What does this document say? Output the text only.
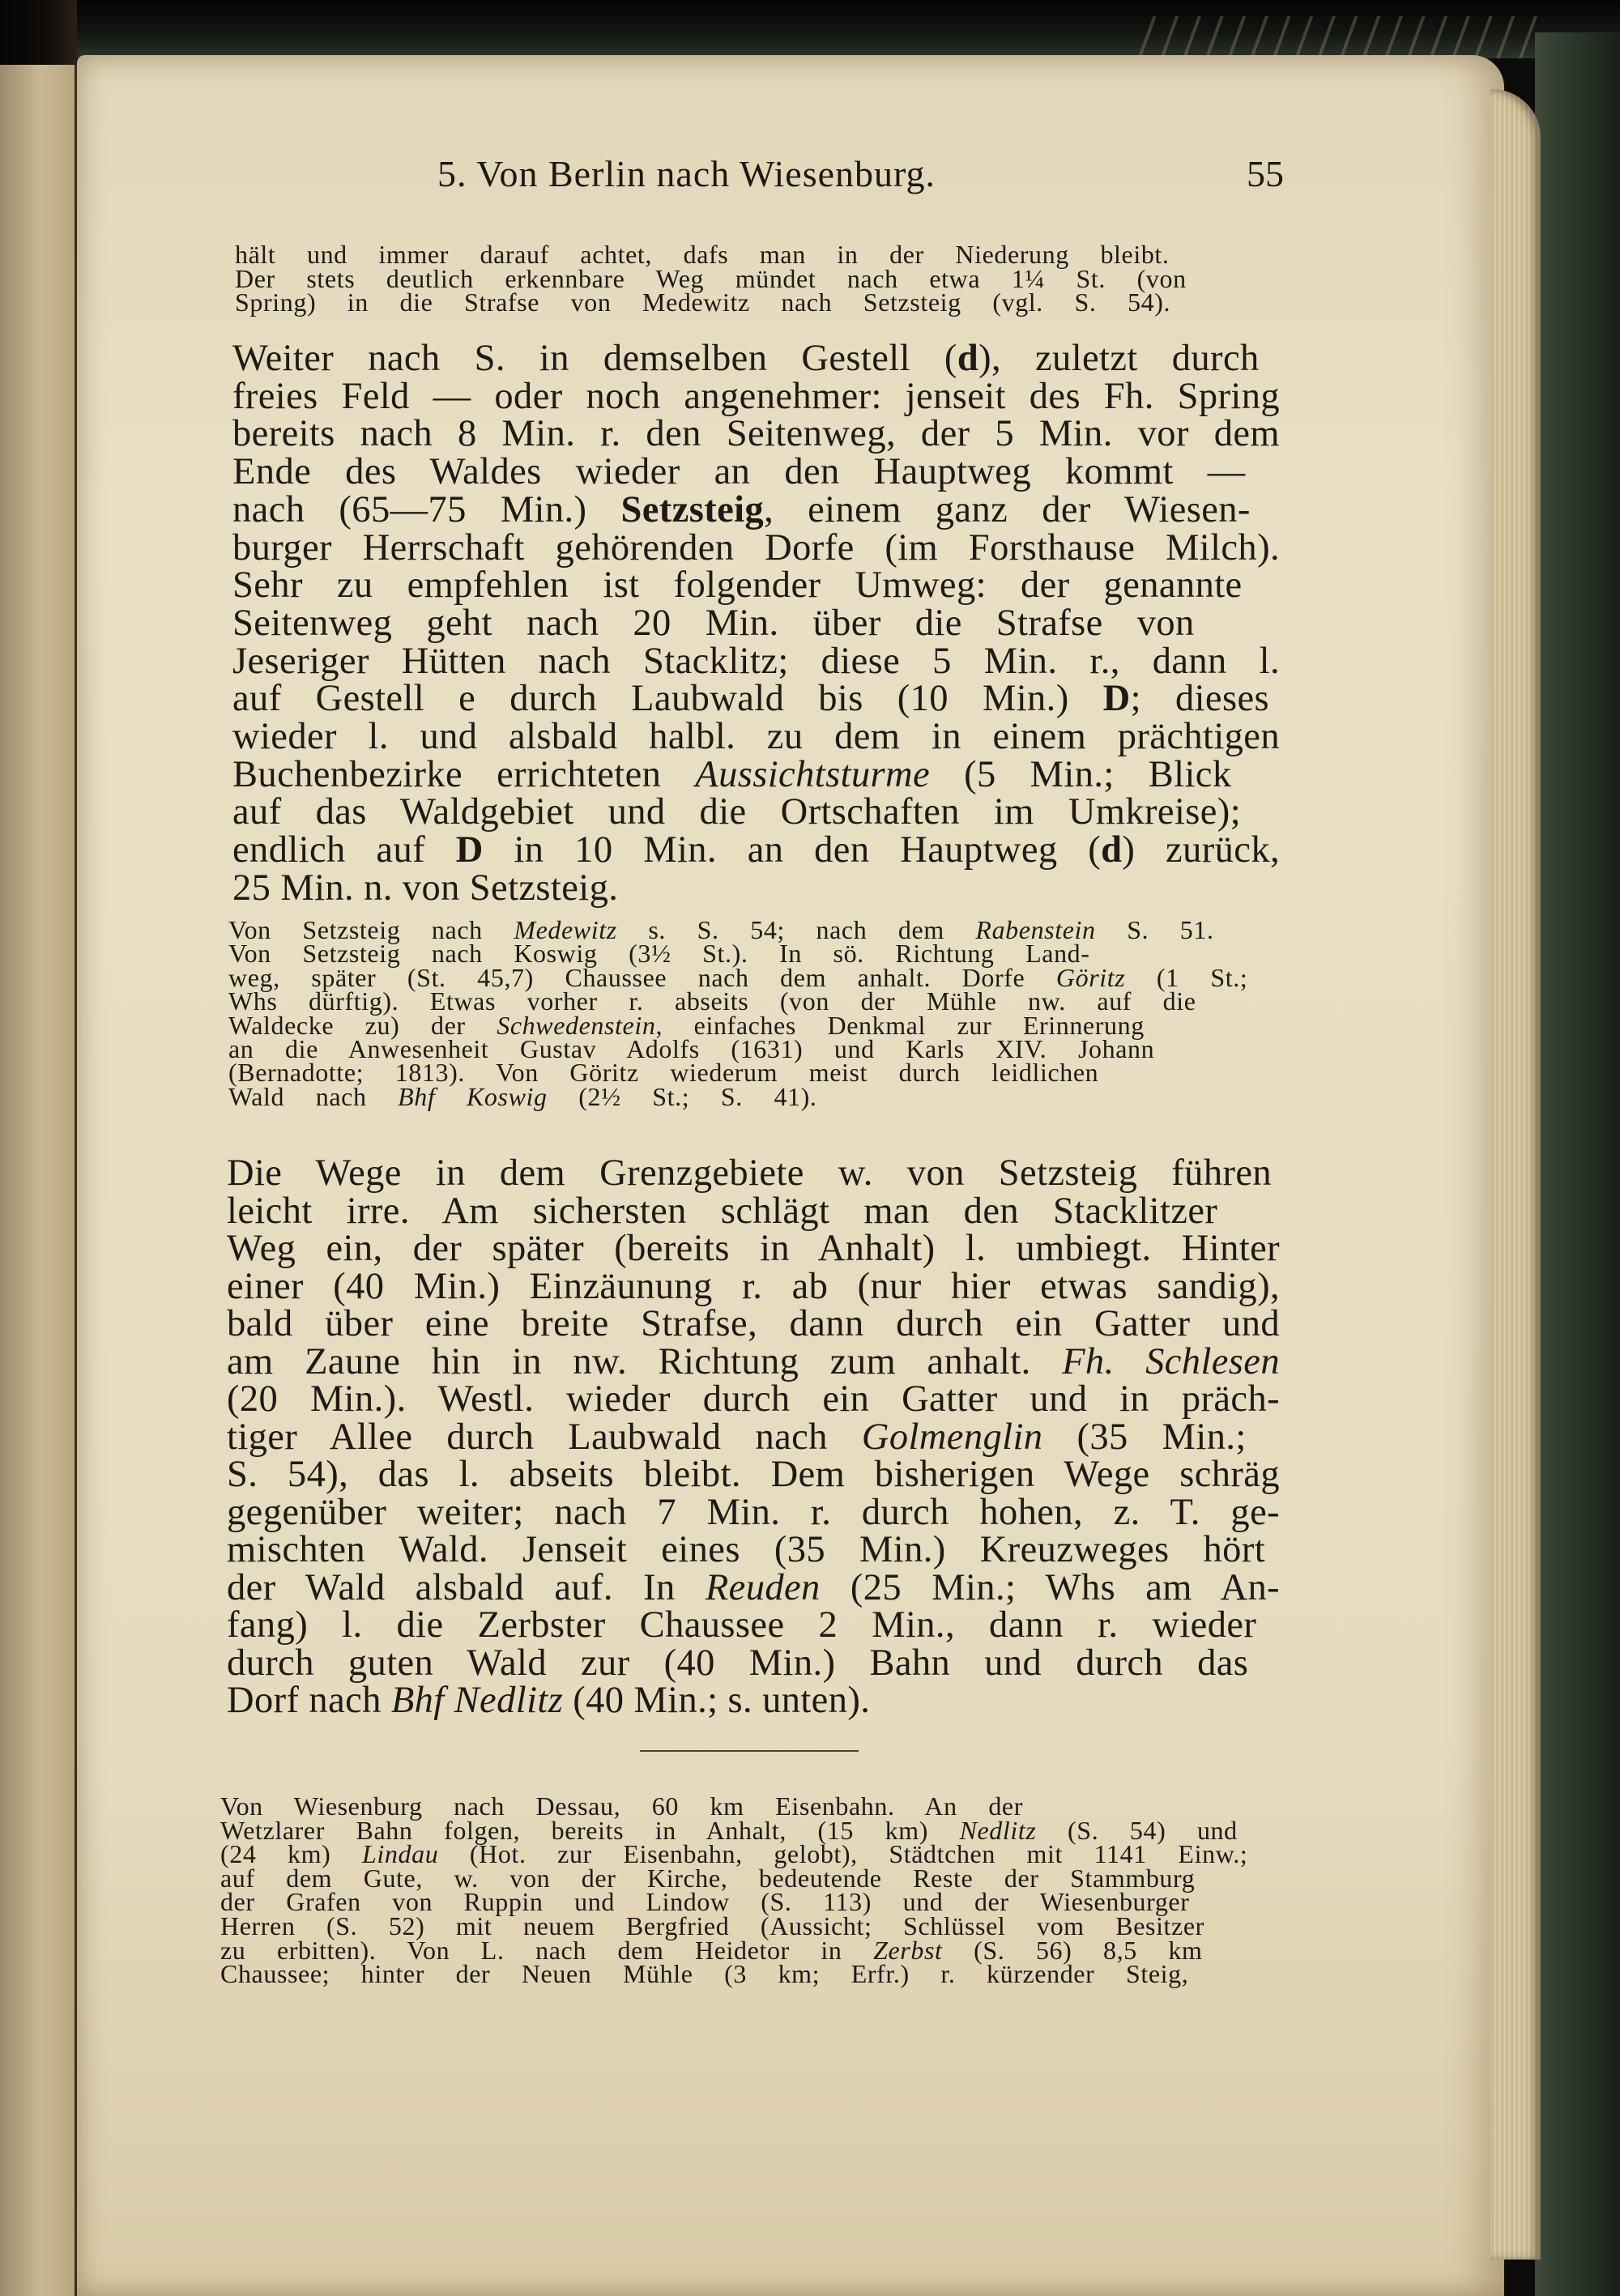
5. Von Berlin nach Wiesenburg.	55
hält und immer darauf achtet, dafs man in der Niederung bleibt.
Der stets deutlich erkennbare Weg mündet nach etwa 1¼ St. (von
Spring) in die Strafse von Medewitz nach Setzsteig (vgl. S. 54).
Weiter nach S. in demselben Gestell (d), zuletzt durch
freies Feld — oder noch angenehmer: jenseit des Fh. Spring
bereits nach 8 Min. r. den Seitenweg, der 5 Min. vor dem
Ende des Waldes wieder an den Hauptweg kommt —
nach (65—75 Min.) Setzsteig, einem ganz der Wiesen-
burger Herrschaft gehörenden Dorfe (im Forsthause Milch).
Sehr zu empfehlen ist folgender Umweg: der genannte
Seitenweg geht nach 20 Min. über die Strafse von
Jeseriger Hütten nach Stacklitz; diese 5 Min. r., dann l.
auf Gestell e durch Laubwald bis (10 Min.) D; dieses
wieder l. und alsbald halbl. zu dem in einem prächtigen
Buchenbezirke errichteten Aussichtsturme (5 Min.; Blick
auf das Waldgebiet und die Ortschaften im Umkreise);
endlich auf D in 10 Min. an den Hauptweg (d) zurück,
25 Min. n. von Setzsteig.
Von Setzsteig nach Medewitz s. S. 54; nach dem Rabenstein S. 51.
Von Setzsteig nach Koswig (3½ St.). In sö. Richtung Land-
weg, später (St. 45,7) Chaussee nach dem anhalt. Dorfe Göritz (1 St.;
Whs dürftig). Etwas vorher r. abseits (von der Mühle nw. auf die
Waldecke zu) der Schwedenstein, einfaches Denkmal zur Erinnerung
an die Anwesenheit Gustav Adolfs (1631) und Karls XIV. Johann
(Bernadotte; 1813). Von Göritz wiederum meist durch leidlichen
Wald nach Bhf Koswig (2½ St.; S. 41).
Die Wege in dem Grenzgebiete w. von Setzsteig führen
leicht irre. Am sichersten schlägt man den Stacklitzer
Weg ein, der später (bereits in Anhalt) l. umbiegt. Hinter
einer (40 Min.) Einzäunung r. ab (nur hier etwas sandig),
bald über eine breite Strafse, dann durch ein Gatter und
am Zaune hin in nw. Richtung zum anhalt. Fh. Schlesen
(20 Min.). Westl. wieder durch ein Gatter und in präch-
tiger Allee durch Laubwald nach Golmenglin (35 Min.;
S. 54), das l. abseits bleibt. Dem bisherigen Wege schräg
gegenüber weiter; nach 7 Min. r. durch hohen, z. T. ge-
mischten Wald. Jenseit eines (35 Min.) Kreuzweges hört
der Wald alsbald auf. In Reuden (25 Min.; Whs am An-
fang) l. die Zerbster Chaussee 2 Min., dann r. wieder
durch guten Wald zur (40 Min.) Bahn und durch das
Dorf nach Bhf Nedlitz (40 Min.; s. unten).
Von Wiesenburg nach Dessau, 60 km Eisenbahn. An der
Wetzlarer Bahn folgen, bereits in Anhalt, (15 km) Nedlitz (S. 54) und
(24 km) Lindau (Hot. zur Eisenbahn, gelobt), Städtchen mit 1141 Einw.;
auf dem Gute, w. von der Kirche, bedeutende Reste der Stammburg
der Grafen von Ruppin und Lindow (S. 113) und der Wiesenburger
Herren (S. 52) mit neuem Bergfried (Aussicht; Schlüssel vom Besitzer
zu erbitten). Von L. nach dem Heidetor in Zerbst (S. 56) 8,5 km
Chaussee; hinter der Neuen Mühle (3 km; Erfr.) r. kürzender Steig,
